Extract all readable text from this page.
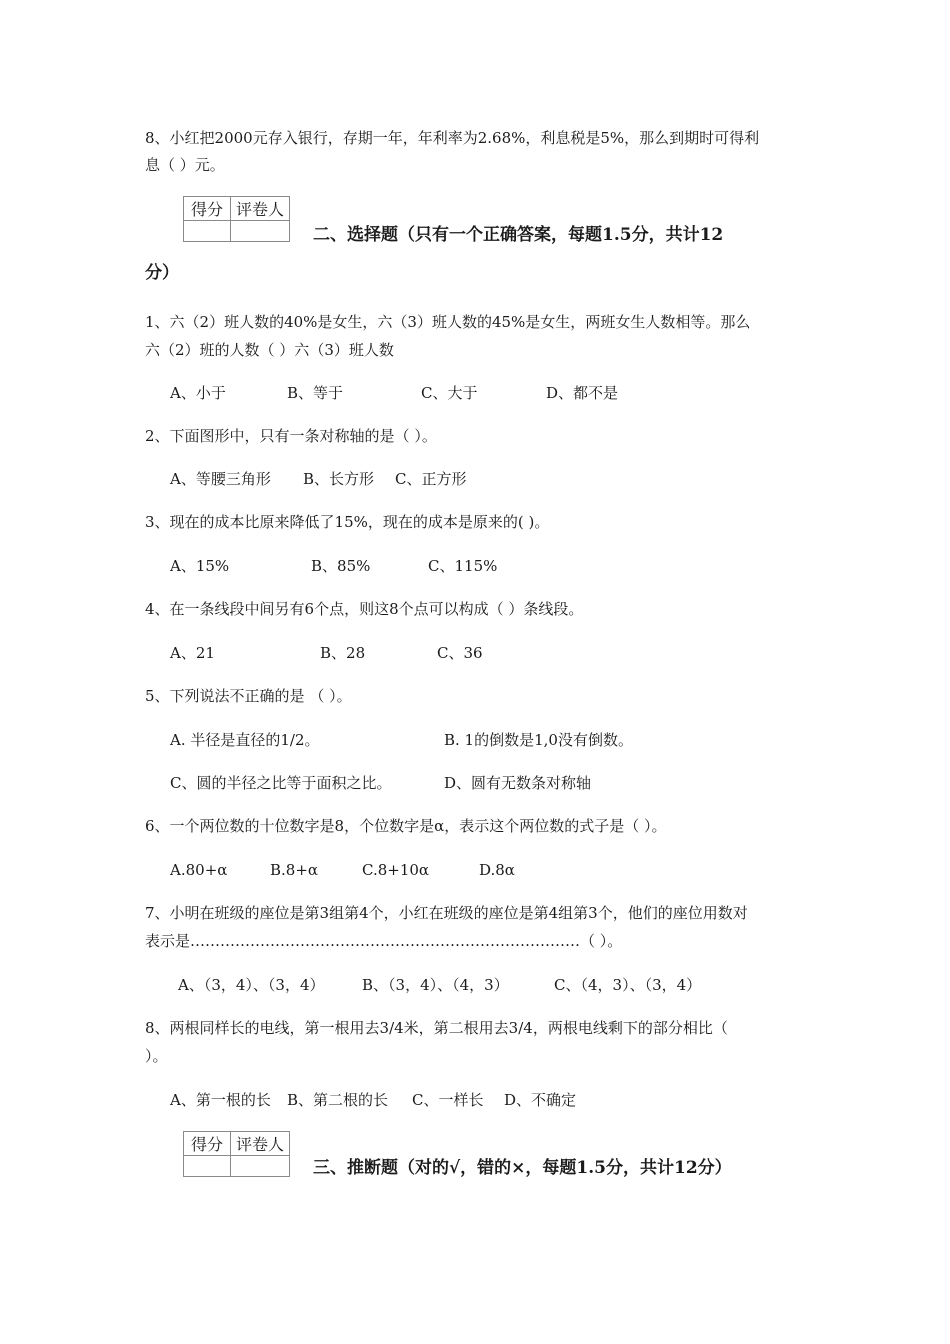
8、小红把2000元存入银行，存期一年，年利率为2.68%，利息税是5%，那么到期时可得利
息（ ）元。
得分	评卷人

二、选择题（只有一个正确答案，每题1.5分，共计12
分）
1、六（2）班人数的40%是女生，六（3）班人数的45%是女生，两班女生人数相等。那么
六（2）班的人数（ ）六（3）班人数
A、小于	B、等于	C、大于	D、都不是
2、下面图形中，只有一条对称轴的是（ ）。
A、等腰三角形 B、长方形 C、正方形
3、现在的成本比原来降低了15%，现在的成本是原来的( )。
A、15%	B、85%	C、115%
4、在一条线段中间另有6个点，则这8个点可以构成（ ）条线段。
A、21	B、28	C、36
5、下列说法不正确的是 （ ）。
A. 半径是直径的1/2。	B. 1的倒数是1,0没有倒数。
C、圆的半径之比等于面积之比。	D、圆有无数条对称轴
6、一个两位数的十位数字是8，个位数字是α，表示这个两位数的式子是（ ）。
A.80+α	B.8+α	C.8+10α	D.8α
7、小明在班级的座位是第3组第4个，小红在班级的座位是第4组第3个，他们的座位用数对
表示是……………………………………………………………………（ ）。
A、（3，4）、（3，4） B、（3，4）、（4，3）	C、（4，3）、（3，4）
8、两根同样长的电线，第一根用去3/4米，第二根用去3/4，两根电线剩下的部分相比（
）。
A、第一根的长 B、第二根的长 C、一样长 D、不确定
得分	评卷人

三、推断题（对的√，错的×，每题1.5分，共计12分）
